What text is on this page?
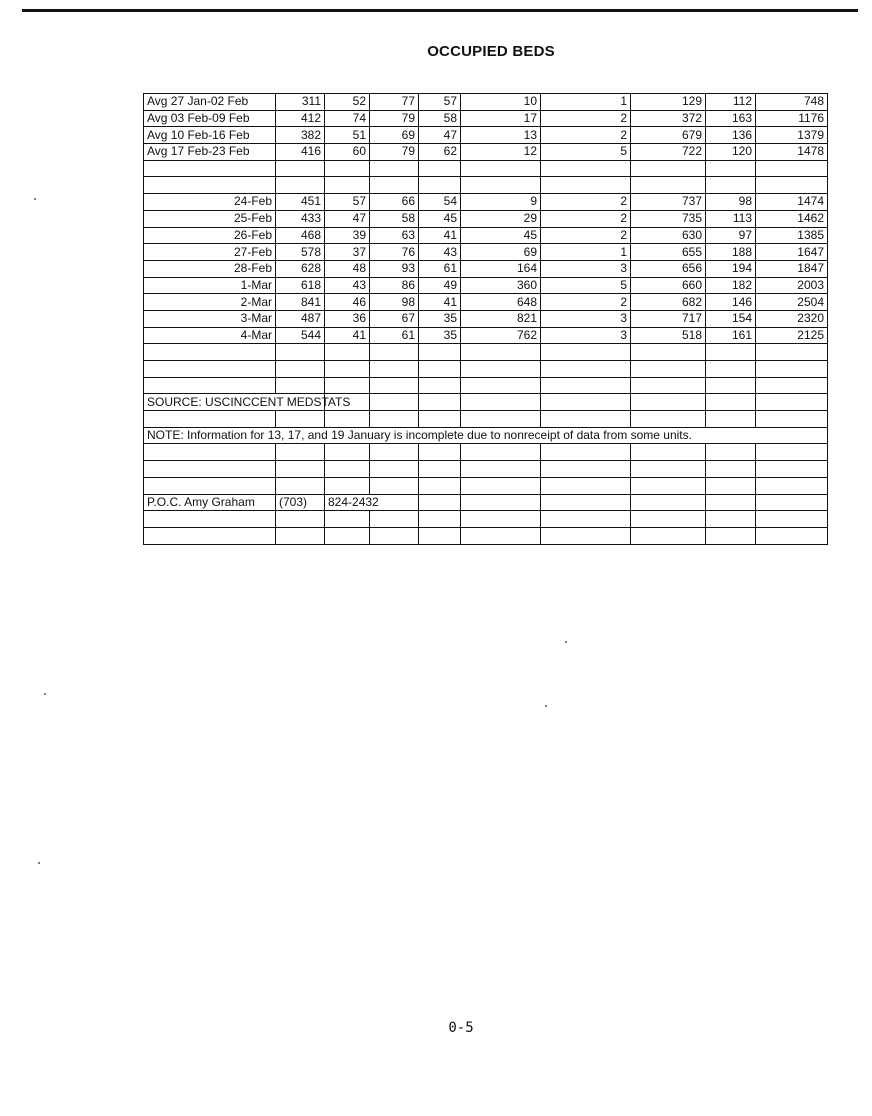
OCCUPIED BEDS
Avg 27 Jan-02 Feb	311	52	77	57	10	1	129	112	748
Avg 03 Feb-09 Feb	412	74	79	58	17	2	372	163	1176
Avg 10 Feb-16 Feb	382	51	69	47	13	2	679	136	1379
Avg 17 Feb-23 Feb	416	60	79	62	12	5	722	120	1478

24-Feb	451	57	66	54	9	2	737	98	1474
25-Feb	433	47	58	45	29	2	735	113	1462
26-Feb	468	39	63	41	45	2	630	97	1385
27-Feb	578	37	76	43	69	1	655	188	1647
28-Feb	628	48	93	61	164	3	656	194	1847
1-Mar	618	43	86	49	360	5	660	182	2003
2-Mar	841	46	98	41	648	2	682	146	2504
3-Mar	487	36	67	35	821	3	717	154	2320
4-Mar	544	41	61	35	762	3	518	161	2125

SOURCE: USCINCCENT MEDSTATS									

NOTE: Information for 13, 17, and 19 January is incomplete due to nonreceipt of data from some units.									

P.O.C. Amy Graham	(703)	824-2432							

0-5
